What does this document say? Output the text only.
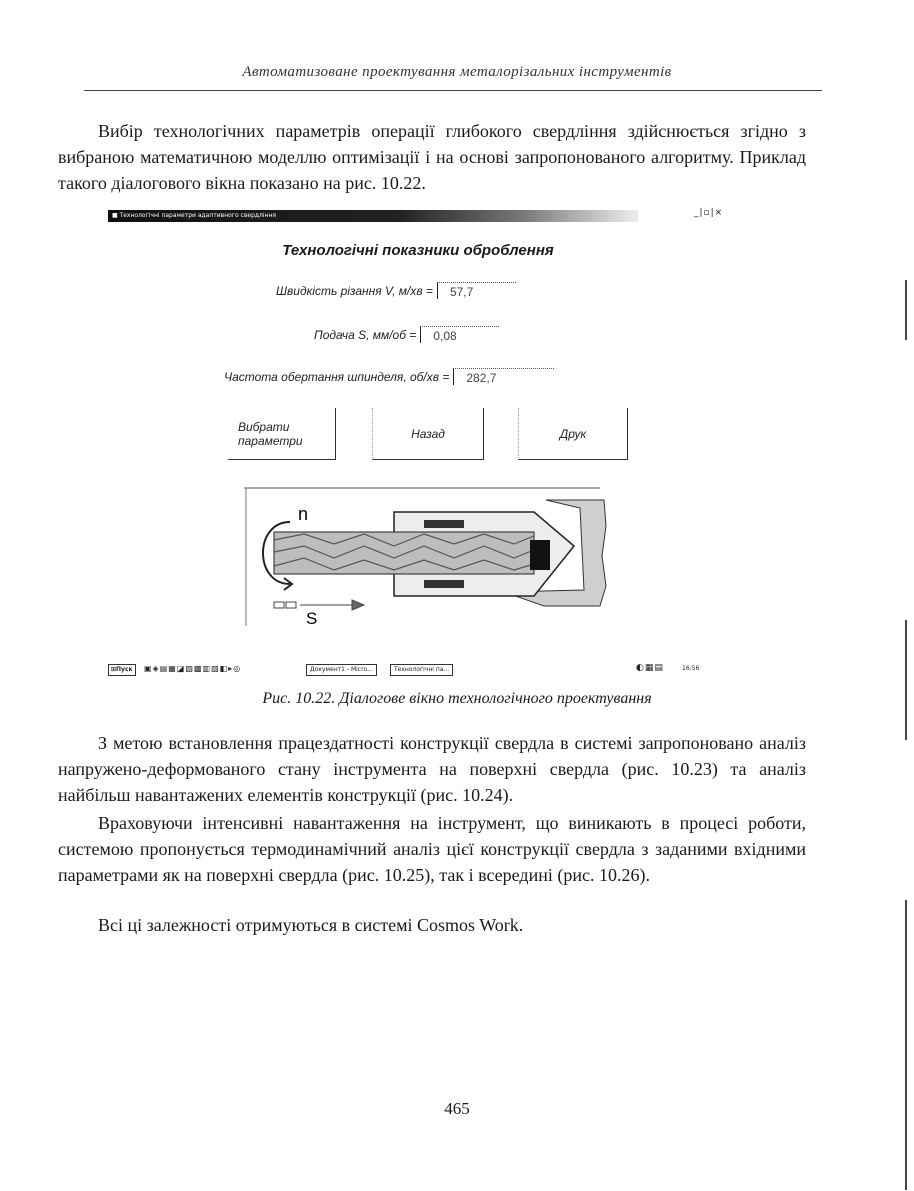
Автоматизоване проектування металорізальних інструментів

Вибір технологічних параметрів операції глибокого свердління здійснюється згідно з вибраною математичною моделлю оптимізації і на основі запропонованого алгоритму. Приклад такого діалогового вікна показано на рис. 10.22.

■ Технологічні параметри адаптивного свердління	_|▫|×
Технологічні показники оброблення
Швидкість різання V, м/хв = 57,7
Подача S, мм/об = 0,08
Частота обертання шпинделя, об/хв = 282,7
Вибрати параметри	Назад	Друк
n
S
⊞Пуск	▣◈▤▦◪▨▩▥▧◧▸◎	Документ1 - Micro...	Технологічні па...	◐▦▤	16:56
Рис. 10.22. Діалогове вікно технологічного проектування

З метою встановлення працездатності конструкції свердла в системі запропоновано аналіз напружено-деформованого стану інструмента на поверхні свердла (рис. 10.23) та аналіз найбільш навантажених елементів конструкції (рис. 10.24).

Враховуючи інтенсивні навантаження на інструмент, що виникають в процесі роботи, системою пропонується термодинамічний аналіз цієї конструкції свердла з заданими вхідними параметрами як на поверхні свердла (рис. 10.25), так і всередині (рис. 10.26).

Всі ці залежності отримуються в системі Cosmos Work.

465
